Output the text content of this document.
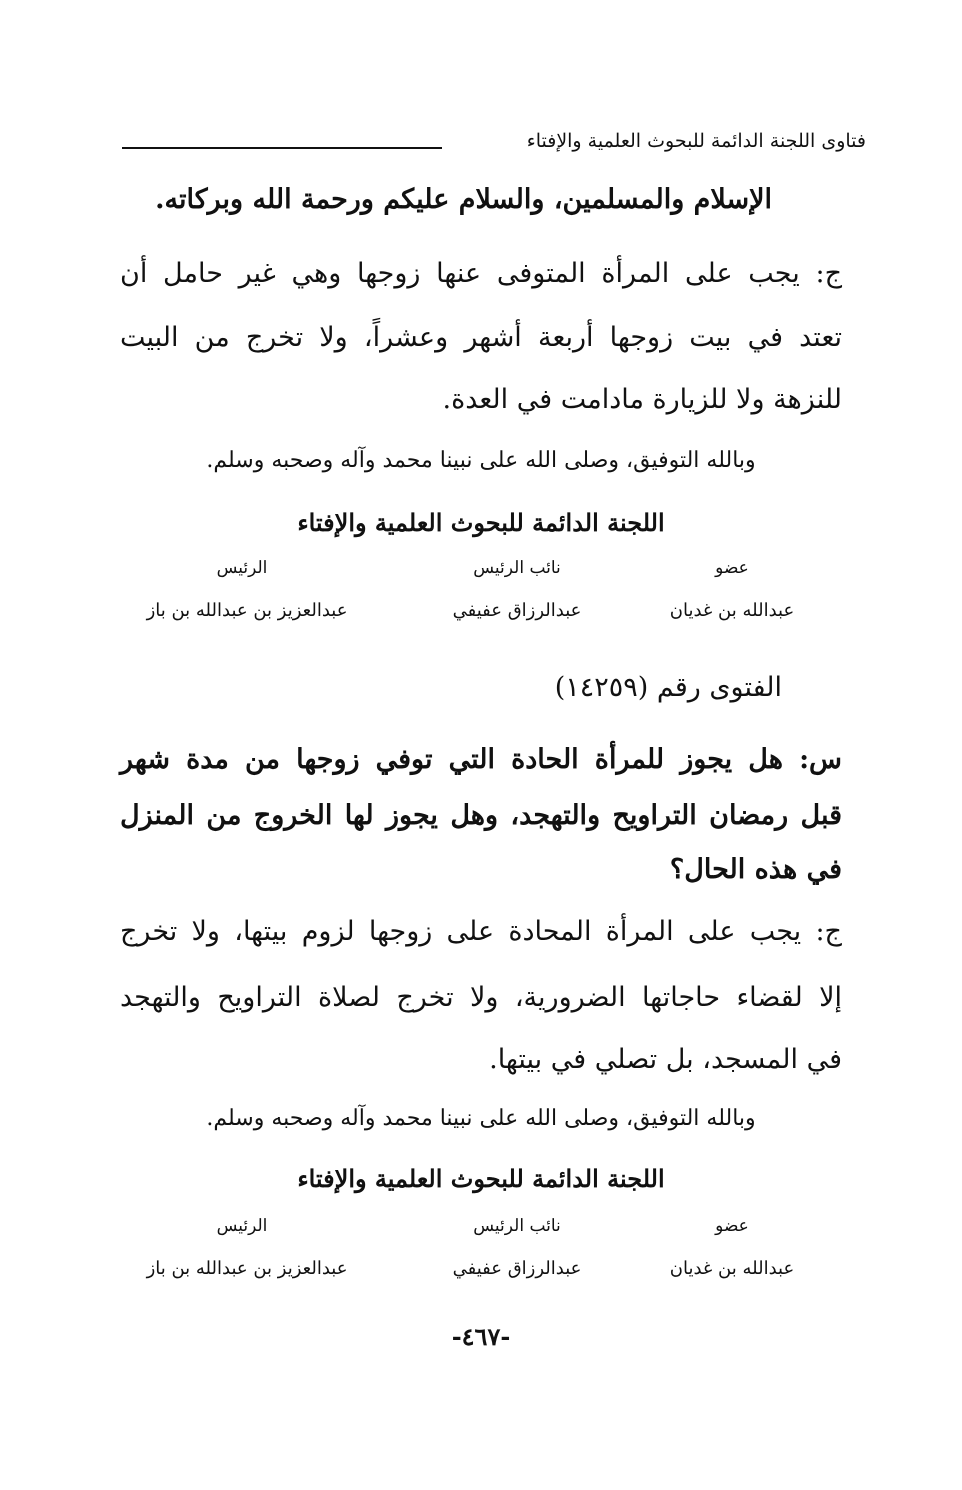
فتاوى اللجنة الدائمة للبحوث العلمية والإفتاء
الإسلام والمسلمين، والسلام عليكم ورحمة الله وبركاته.
ج: يجب على المرأة المتوفى عنها زوجها وهي غير حامل أن
تعتد في بيت زوجها أربعة أشهر وعشراً، ولا تخرج من البيت
للنزهة ولا للزيارة مادامت في العدة.
وبالله التوفيق، وصلى الله على نبينا محمد وآله وصحبه وسلم.
اللجنة الدائمة للبحوث العلمية والإفتاء
عضو
نائب الرئيس
الرئيس
عبدالله بن غديان
عبدالرزاق عفيفي
عبدالعزيز بن عبدالله بن باز
الفتوى رقم (١٤٢٥٩)
س: هل يجوز للمرأة الحادة التي توفي زوجها من مدة شهر
قبل رمضان التراويح والتهجد، وهل يجوز لها الخروج من المنزل
في هذه الحال؟
ج: يجب على المرأة المحادة على زوجها لزوم بيتها، ولا تخرج
إلا لقضاء حاجاتها الضرورية، ولا تخرج لصلاة التراويح والتهجد
في المسجد، بل تصلي في بيتها.
وبالله التوفيق، وصلى الله على نبينا محمد وآله وصحبه وسلم.
اللجنة الدائمة للبحوث العلمية والإفتاء
عضو
نائب الرئيس
الرئيس
عبدالله بن غديان
عبدالرزاق عفيفي
عبدالعزيز بن عبدالله بن باز
-٤٦٧-
